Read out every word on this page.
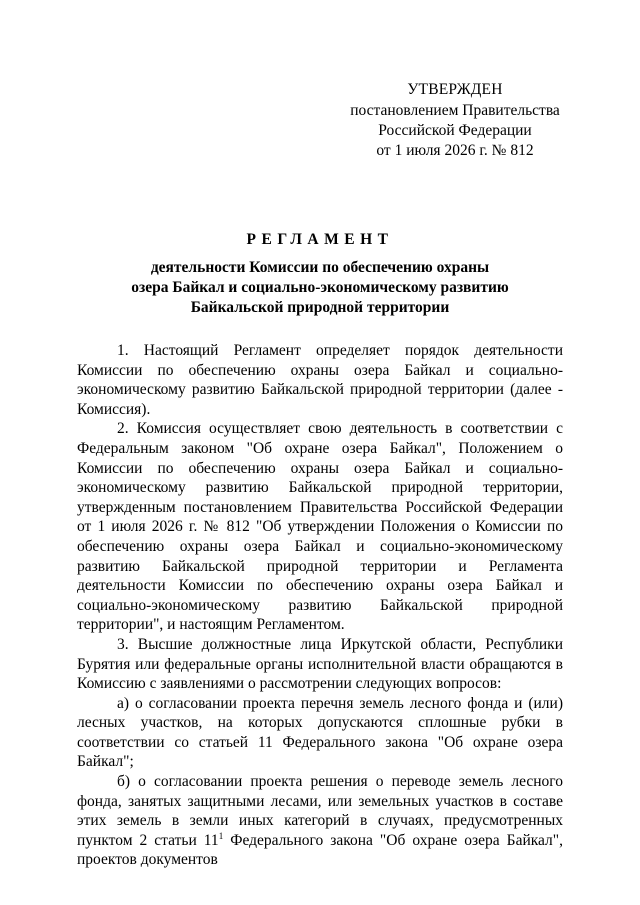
УТВЕРЖДЕН
постановлением Правительства
Российской Федерации
от 1 июля 2026 г. № 812
РЕГЛАМЕНТ
деятельности Комиссии по обеспечению охраны
озера Байкал и социально-экономическому развитию
Байкальской природной территории

1. Настоящий Регламент определяет порядок деятельности Комиссии по обеспечению охраны озера Байкал и социально-экономическому развитию Байкальской природной территории (далее - Комиссия).

2. Комиссия осуществляет свою деятельность в соответствии с Федеральным законом "Об охране озера Байкал", Положением о Комиссии по обеспечению охраны озера Байкал и социально-экономическому развитию Байкальской природной территории, утвержденным постановлением Правительства Российской Федерации от 1 июля 2026 г. № 812 "Об утверждении Положения о Комиссии по обеспечению охраны озера Байкал и социально-экономическому развитию Байкальской природной территории и Регламента деятельности Комиссии по обеспечению охраны озера Байкал и социально-экономическому развитию Байкальской природной территории", и настоящим Регламентом.

3. Высшие должностные лица Иркутской области, Республики Бурятия или федеральные органы исполнительной власти обращаются в Комиссию с заявлениями о рассмотрении следующих вопросов:

а) о согласовании проекта перечня земель лесного фонда и (или) лесных участков, на которых допускаются сплошные рубки в соответствии со статьей 11 Федерального закона "Об охране озера Байкал";

б) о согласовании проекта решения о переводе земель лесного фонда, занятых защитными лесами, или земельных участков в составе этих земель в земли иных категорий в случаях, предусмотренных пунктом 2 статьи $11^1$ Федерального закона "Об охране озера Байкал", проектов документов
